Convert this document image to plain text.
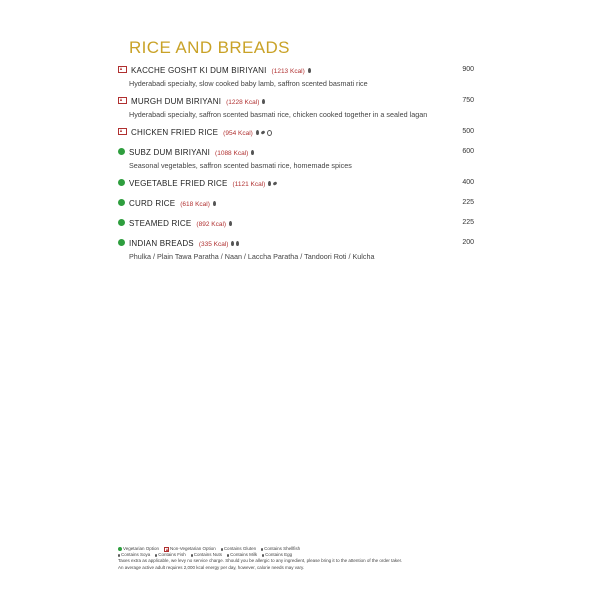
RICE AND BREADS
KACCHE GOSHT KI DUM BIRIYANI (1213 Kcal)	900
Hyderabadi specialty, slow cooked baby lamb, saffron scented basmati rice
MURGH DUM BIRIYANI (1228 Kcal)	750
Hyderabadi specialty, saffron scented basmati rice, chicken cooked together in a sealed lagan
CHICKEN FRIED RICE (954 Kcal)	500
SUBZ DUM BIRIYANI (1088 Kcal)	600
Seasonal vegetables, saffron scented basmati rice, homemade spices
VEGETABLE FRIED RICE (1121 Kcal)	400
CURD RICE (618 Kcal)	225
STEAMED RICE (892 Kcal)	225
INDIAN BREADS (335 Kcal)	200
Phulka / Plain Tawa Paratha / Naan / Laccha Paratha / Tandoori Roti / Kulcha
Vegetarian Option Non-Vegetarian Option Contains Gluten Contains Shellfish
Contains Soya Contains Fish Contains Nuts Contains Milk Contains Egg
Taxes extra as applicable, we levy no service charge. Should you be allergic to any ingredient, please bring it to the attention of the order taker.
An average active adult requires 2,000 kcal energy per day, however, calorie needs may vary.
